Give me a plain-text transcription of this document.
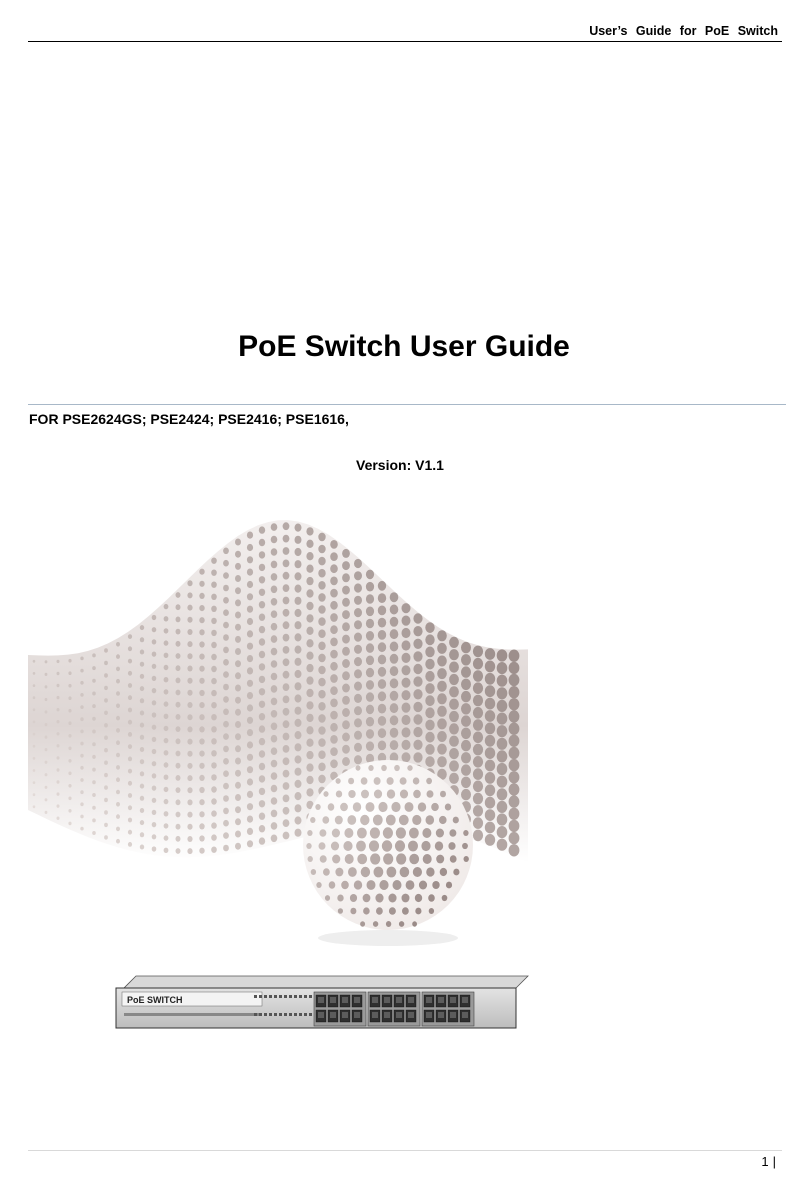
User’s Guide for PoE Switch
PoE Switch User Guide
FOR PSE2624GS; PSE2424; PSE2416; PSE1616,
Version: V1.1
PoE SWITCH
1 |
